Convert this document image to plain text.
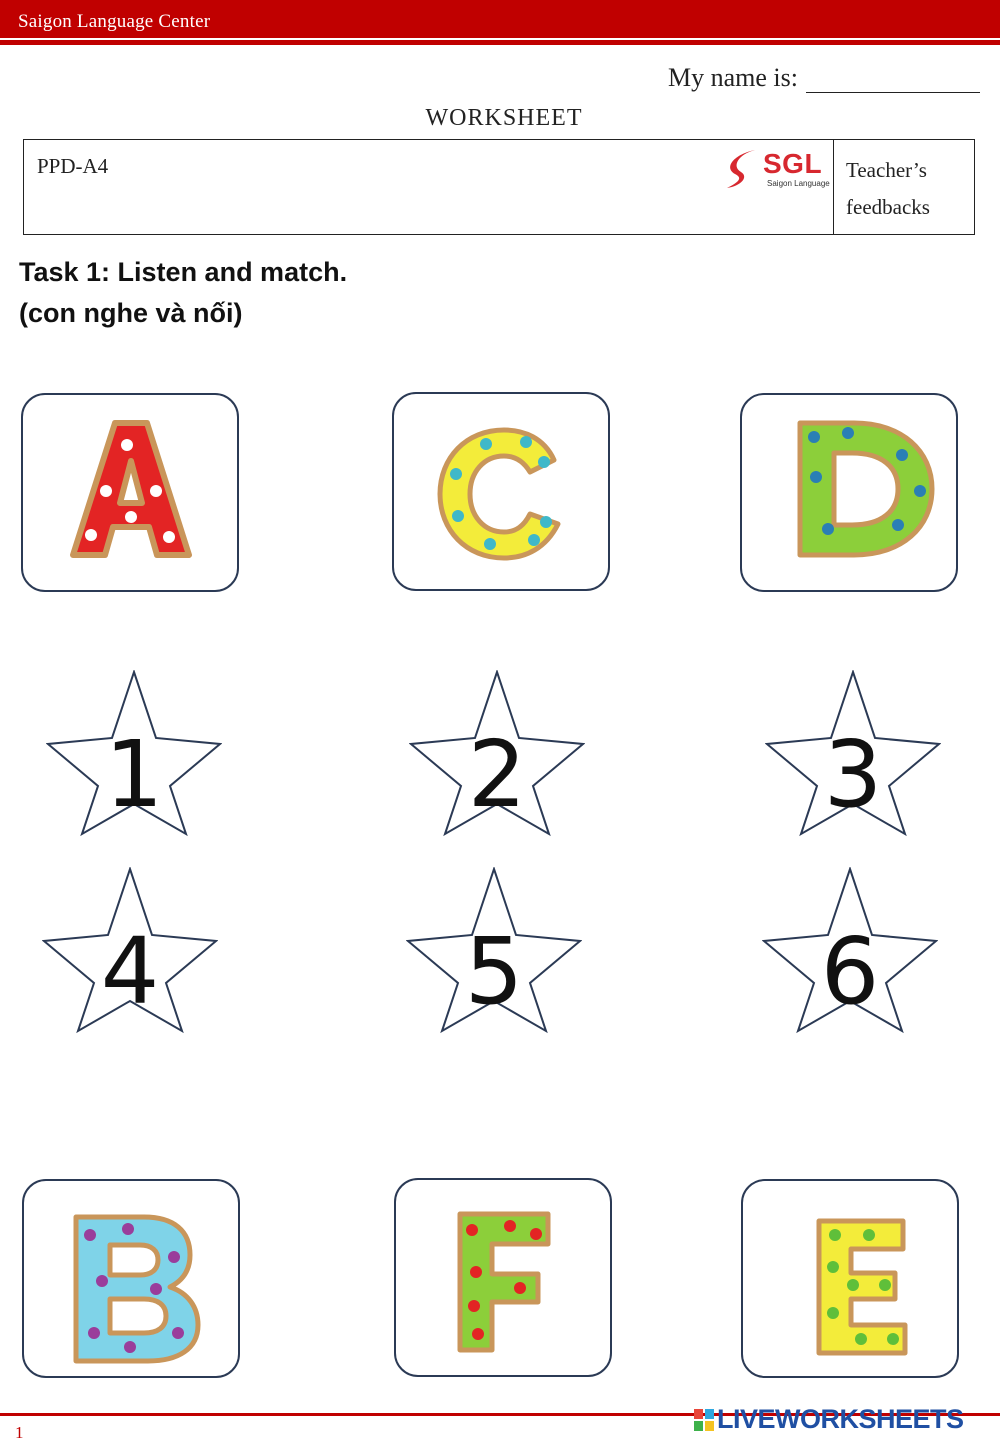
Saigon Language Center
My name is:
WORKSHEET
PPD-A4	SGL
Saigon Language
Teacher’s
feedbacks
Task 1: Listen and match.
(con nghe và nối)
1	2	3
4	5	6
1	LIVEWORKSHEETS
